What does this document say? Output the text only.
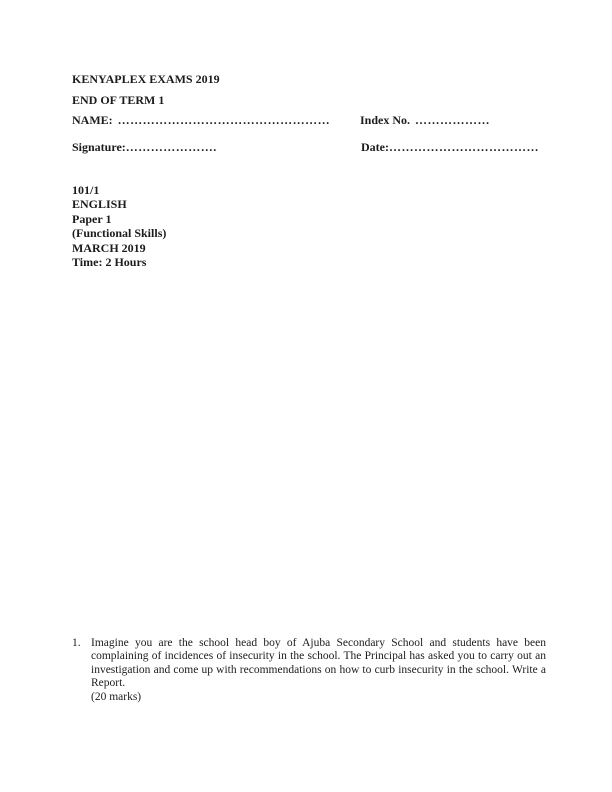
KENYAPLEX EXAMS 2019
END OF TERM 1
NAME: …………………………………………… Index No. ………………
Signature:………………….	Date:………………………………
101/1
ENGLISH
Paper 1
(Functional Skills)
MARCH 2019
Time: 2 Hours
1. Imagine you are the school head boy of Ajuba Secondary School and students have been complaining of incidences of insecurity in the school. The Principal has asked you to carry out an investigation and come up with recommendations on how to curb insecurity in the school. Write a Report.
(20 marks)
